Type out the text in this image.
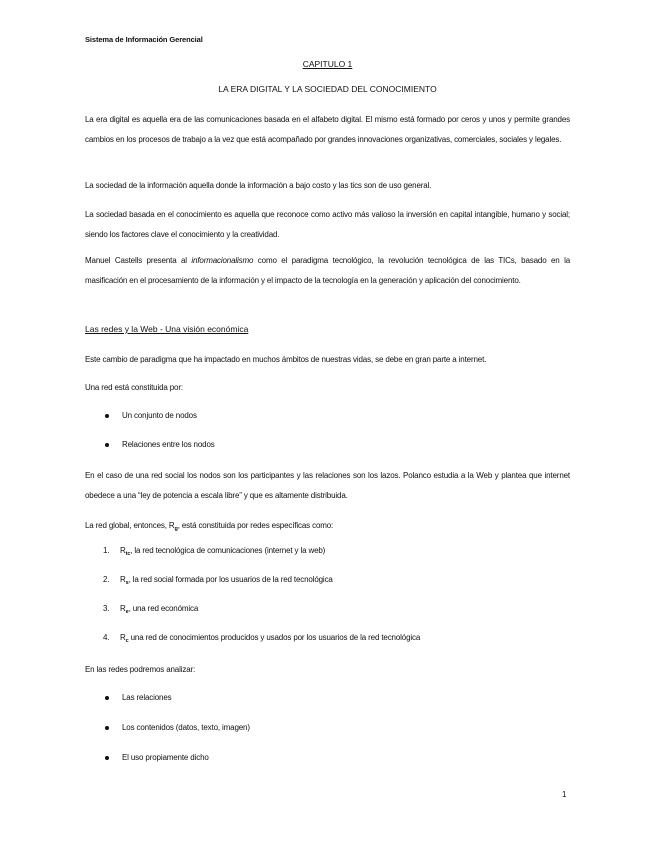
Sistema de Información Gerencial
CAPITULO 1
LA ERA DIGITAL Y LA SOCIEDAD DEL CONOCIMIENTO
La era digital es aquella era de las comunicaciones basada en el alfabeto digital. El mismo está formado por ceros y unos y permite grandes cambios en los procesos de trabajo a la vez que está acompañado por grandes innovaciones organizativas, comerciales, sociales y legales.
La sociedad de la información aquella donde la información a bajo costo y las tics son de uso general.
La sociedad basada en el conocimiento es aquella que reconoce como activo más valioso la inversión en capital intangible, humano y social; siendo los factores clave el conocimiento y la creatividad.
Manuel Castells presenta al informacionalismo como el paradigma tecnológico, la revolución tecnológica de las TICs, basado en la masificación en el procesamiento de la información y el impacto de la tecnología en la generación y aplicación del conocimiento.
Las redes y la Web - Una visión económica
Este cambio de paradigma que ha impactado en muchos ámbitos de nuestras vidas, se debe en gran parte a internet.
Una red está constituida por:
Un conjunto de nodos
Relaciones entre los nodos
En el caso de una red social los nodos son los participantes y las relaciones son los lazos. Polanco estudia a la Web y plantea que internet obedece a una “ley de potencia a escala libre” y que es altamente distribuida.
La red global, entonces, $R_g$, está constituida por redes específicas como:
1. $R_{tc}$, la red tecnológica de comunicaciones (internet y la web)
2. $R_s$, la red social formada por los usuarios de la red tecnológica
3. $R_e$, una red económica
4. $R_c$ una red de conocimientos producidos y usados por los usuarios de la red tecnológica
En las redes podremos analizar:
Las relaciones
Los contenidos (datos, texto, imagen)
El uso propiamente dicho
1
